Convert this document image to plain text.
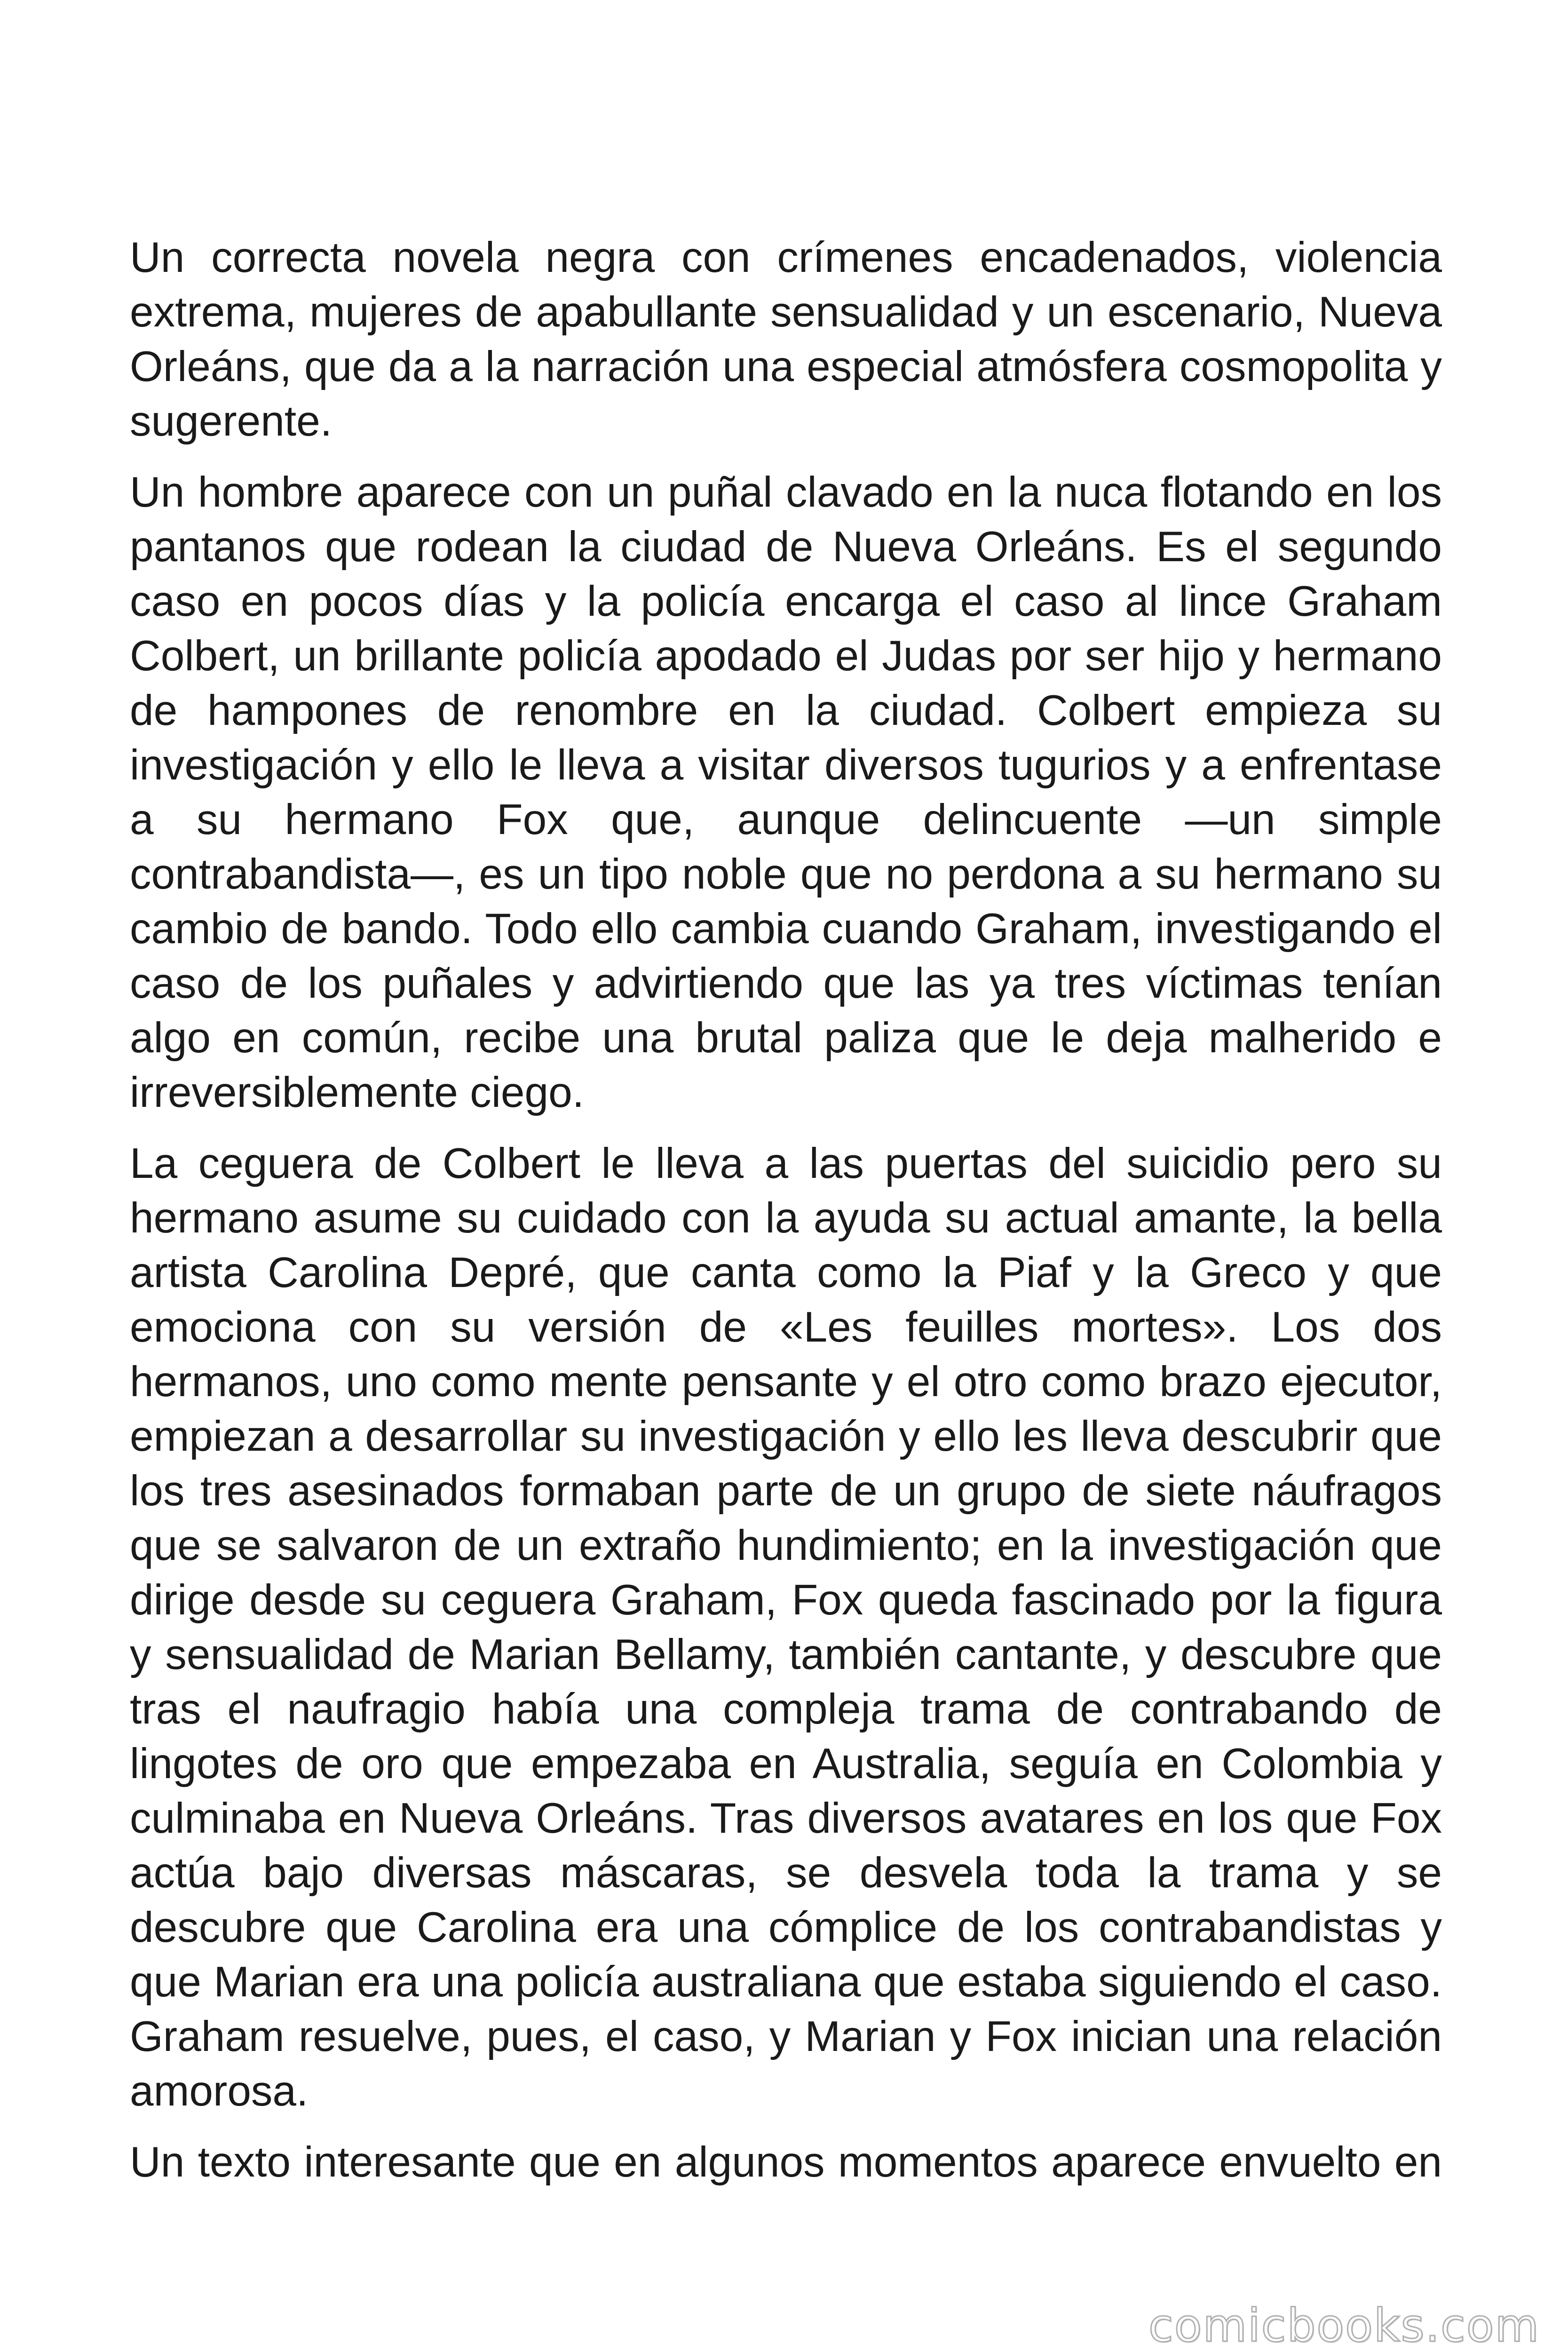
Un correcta novela negra con crímenes encadenados, violencia extrema, mujeres de apabullante sensualidad y un escenario, Nueva Orleáns, que da a la narración una especial atmósfera cosmopolita y sugerente.

Un hombre aparece con un puñal clavado en la nuca flotando en los pantanos que rodean la ciudad de Nueva Orleáns. Es el segundo caso en pocos días y la policía encarga el caso al lince Graham Colbert, un brillante policía apodado el Judas por ser hijo y hermano de hampones de renombre en la ciudad. Colbert empieza su investigación y ello le lleva a visitar diversos tugurios y a enfrentase a su hermano Fox que, aunque delincuente —un simple contrabandista—, es un tipo noble que no perdona a su hermano su cambio de bando. Todo ello cambia cuando Graham, investigando el caso de los puñales y advirtiendo que las ya tres víctimas tenían algo en común, recibe una brutal paliza que le deja malherido e irreversiblemente ciego.

La ceguera de Colbert le lleva a las puertas del suicidio pero su hermano asume su cuidado con la ayuda su actual amante, la bella artista Carolina Depré, que canta como la Piaf y la Greco y que emociona con su versión de «Les feuilles mortes». Los dos hermanos, uno como mente pensante y el otro como brazo ejecutor, empiezan a desarrollar su investigación y ello les lleva descubrir que los tres asesinados formaban parte de un grupo de siete náufragos que se salvaron de un extraño hundimiento; en la investigación que dirige desde su ceguera Graham, Fox queda fascinado por la figura y sensualidad de Marian Bellamy, también cantante, y descubre que tras el naufragio había una compleja trama de contrabando de lingotes de oro que empezaba en Australia, seguía en Colombia y culminaba en Nueva Orleáns. Tras diversos avatares en los que Fox actúa bajo diversas máscaras, se desvela toda la trama y se descubre que Carolina era una cómplice de los contrabandistas y que Marian era una policía australiana que estaba siguiendo el caso. Graham resuelve, pues, el caso, y Marian y Fox inician una relación amorosa.

Un texto interesante que en algunos momentos aparece envuelto en

comicbooks.com
